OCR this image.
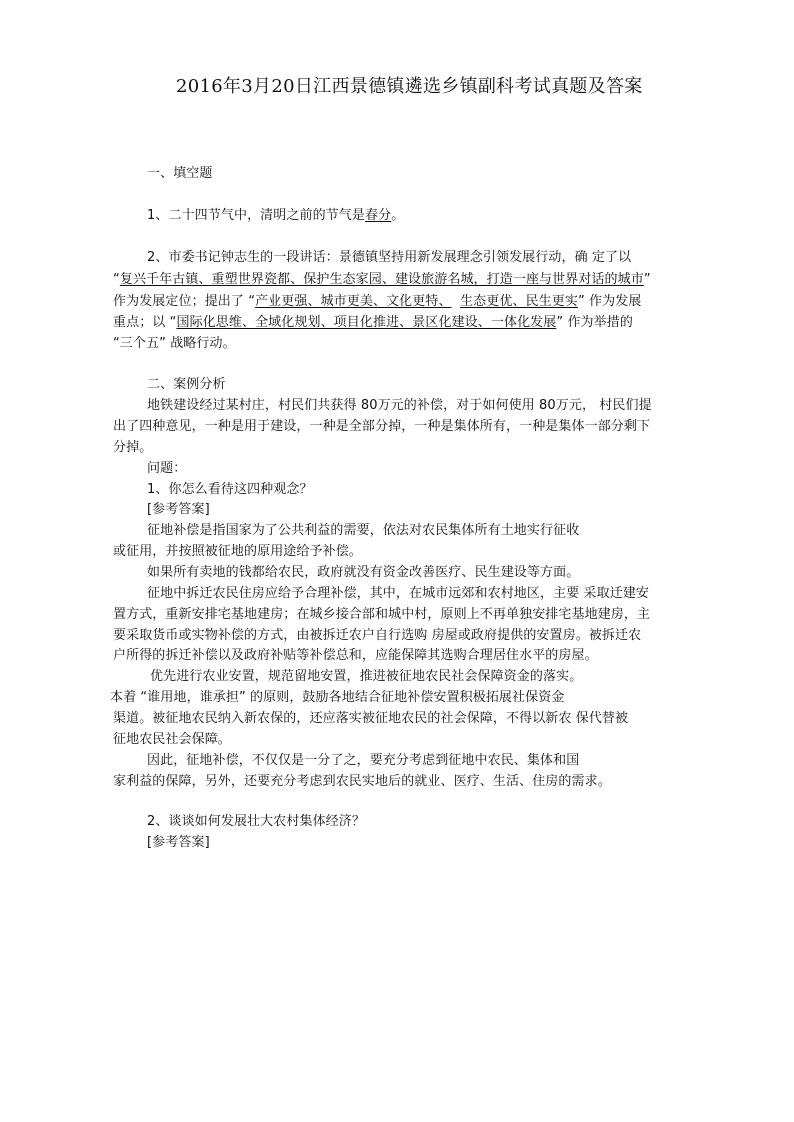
2016年3月20日江西景德镇遴选乡镇副科考试真题及答案
一、填空题
1、二十四节气中，清明之前的节气是春分。
2、市委书记钟志生的一段讲话：景德镇坚持用新发展理念引领发展行动，确 定了以
“复兴千年古镇、重塑世界瓷都、保护生态家园、建设旅游名城，打造一座与世界对话的城市”
作为发展定位；提出了 “产业更强、城市更美、文化更特、 生态更优、民生更实” 作为发展
重点；以 “国际化思维、全域化规划、项目化推进、景区化建设、一体化发展” 作为举措的
“三个五” 战略行动。
二、案例分析
地铁建设经过某村庄，村民们共获得 80万元的补偿，对于如何使用 80万元， 村民们提
出了四种意见，一种是用于建设，一种是全部分掉，一种是集体所有，一种是集体一部分剩下
分掉。
问题：
1、你怎么看待这四种观念？
[参考答案]
征地补偿是指国家为了公共利益的需要，依法对农民集体所有土地实行征收
或征用，并按照被征地的原用途给予补偿。
如果所有卖地的钱都给农民，政府就没有资金改善医疗、民生建设等方面。
征地中拆迁农民住房应给予合理补偿，其中，在城市远郊和农村地区，主要 采取迁建安
置方式，重新安排宅基地建房；在城乡接合部和城中村，原则上不再单独安排宅基地建房，主
要采取货币或实物补偿的方式，由被拆迁农户自行选购 房屋或政府提供的安置房。被拆迁农
户所得的拆迁补偿以及政府补贴等补偿总和，应能保障其选购合理居住水平的房屋。
优先进行农业安置，规范留地安置，推进被征地农民社会保障资金的落实。
本着 “谁用地，谁承担” 的原则，鼓励各地结合征地补偿安置积极拓展社保资金
渠道。被征地农民纳入新农保的，还应落实被征地农民的社会保障，不得以新农 保代替被
征地农民社会保障。
因此，征地补偿，不仅仅是一分了之，要充分考虑到征地中农民、集体和国
家利益的保障，另外，还要充分考虑到农民实地后的就业、医疗、生活、住房的需求。
2、谈谈如何发展壮大农村集体经济？
[参考答案]
